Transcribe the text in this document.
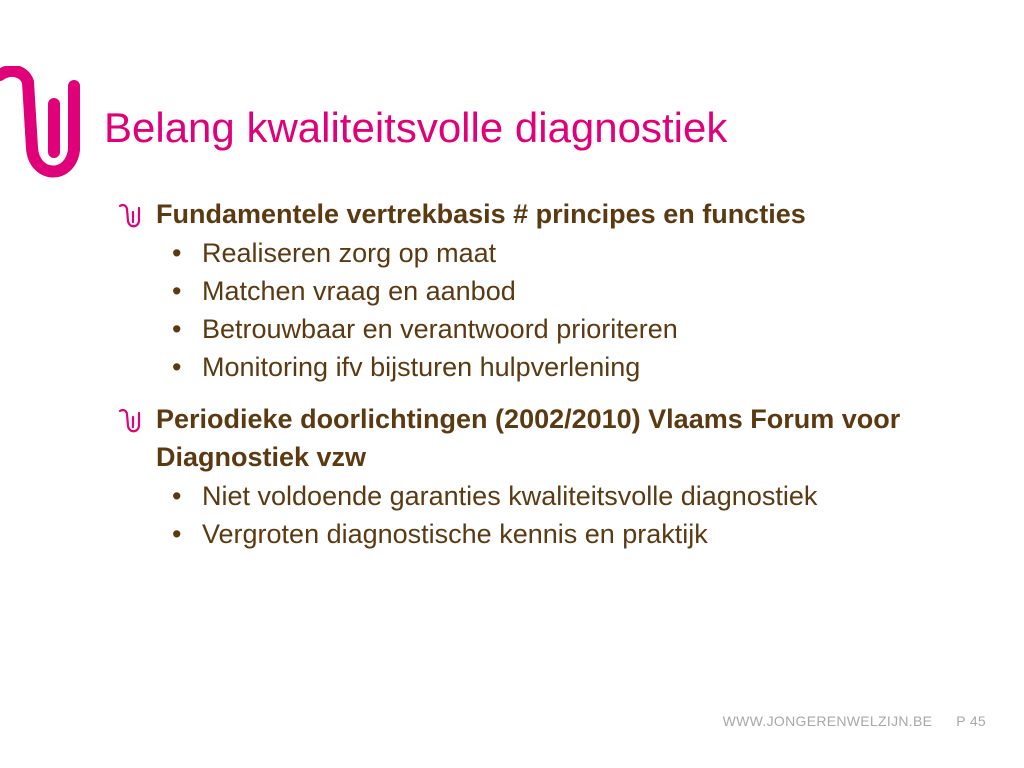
Belang kwaliteitsvolle diagnostiek
Fundamentele vertrekbasis # principes en functies
• Realiseren zorg op maat
• Matchen vraag en aanbod
• Betrouwbaar en verantwoord prioriteren
• Monitoring ifv bijsturen hulpverlening
Periodieke doorlichtingen (2002/2010) Vlaams Forum voor Diagnostiek vzw
• Niet voldoende garanties kwaliteitsvolle diagnostiek
• Vergroten diagnostische kennis en praktijk
WWW.JONGERENWELZIJN.BE P 45
